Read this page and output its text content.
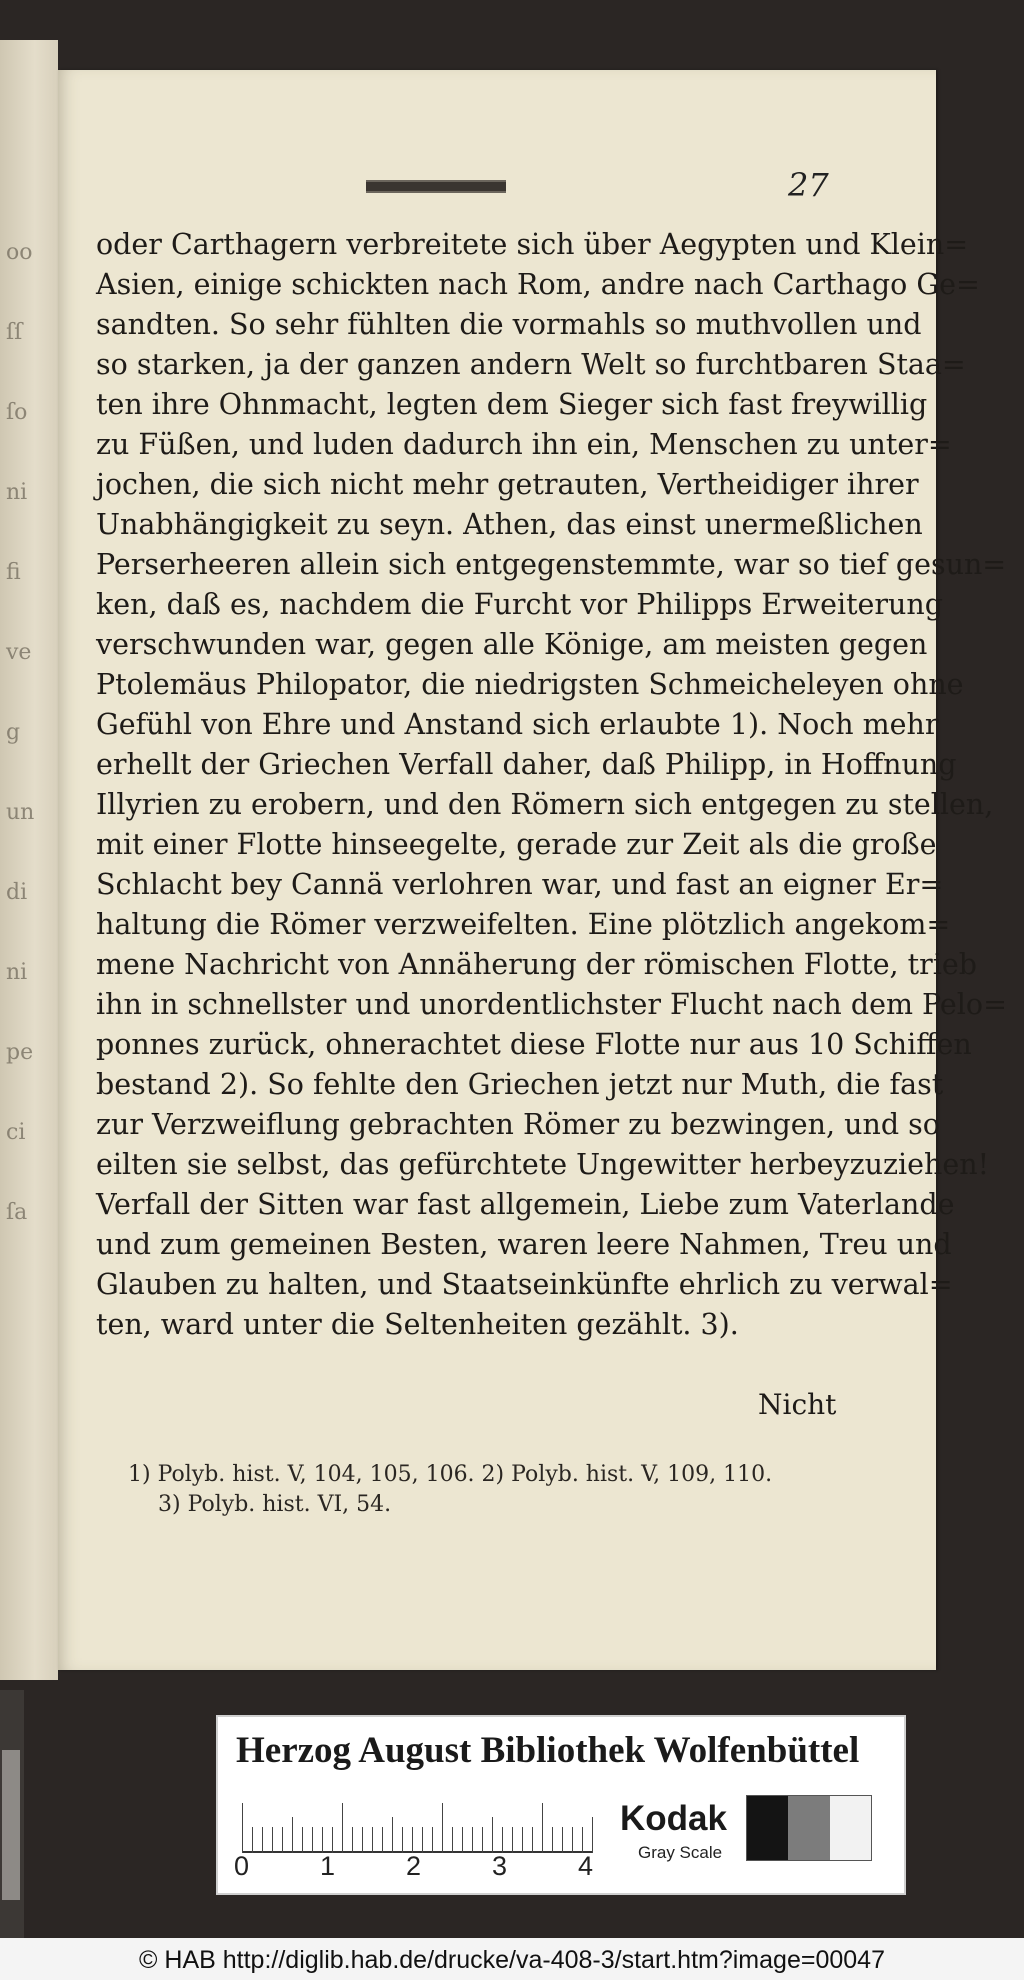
oo
ſſ
ſo
ni
fi
ve
g
un
di
ni
pe
ci
ſa
27
oder Carthagern verbreitete sich über Aegypten und Klein=
Asien, einige schickten nach Rom, andre nach Carthago Ge=
sandten. So sehr fühlten die vormahls so muthvollen und
so starken, ja der ganzen andern Welt so furchtbaren Staa=
ten ihre Ohnmacht, legten dem Sieger sich fast freywillig
zu Füßen, und luden dadurch ihn ein, Menschen zu unter=
jochen, die sich nicht mehr getrauten, Vertheidiger ihrer
Unabhängigkeit zu seyn. Athen, das einst unermeßlichen
Perserheeren allein sich entgegenstemmte, war so tief gesun=
ken, daß es, nachdem die Furcht vor Philipps Erweiterung
verschwunden war, gegen alle Könige, am meisten gegen
Ptolemäus Philopator, die niedrigsten Schmeicheleyen ohne
Gefühl von Ehre und Anstand sich erlaubte 1). Noch mehr
erhellt der Griechen Verfall daher, daß Philipp, in Hoffnung
Illyrien zu erobern, und den Römern sich entgegen zu stellen,
mit einer Flotte hinseegelte, gerade zur Zeit als die große
Schlacht bey Cannä verlohren war, und fast an eigner Er=
haltung die Römer verzweifelten. Eine plötzlich angekom=
mene Nachricht von Annäherung der römischen Flotte, trieb
ihn in schnellster und unordentlichster Flucht nach dem Pelo=
ponnes zurück, ohnerachtet diese Flotte nur aus 10 Schiffen
bestand 2). So fehlte den Griechen jetzt nur Muth, die fast
zur Verzweiflung gebrachten Römer zu bezwingen, und so
eilten sie selbst, das gefürchtete Ungewitter herbeyzuziehen!
Verfall der Sitten war fast allgemein, Liebe zum Vaterlande
und zum gemeinen Besten, waren leere Nahmen, Treu und
Glauben zu halten, und Staatseinkünfte ehrlich zu verwal=
ten, ward unter die Seltenheiten gezählt. 3).
Nicht
1) Polyb. hist. V, 104, 105, 106. 2) Polyb. hist. V, 109, 110.
3) Polyb. hist. VI, 54.
Herzog August Bibliothek Wolfenbüttel
0	1	2	3	4
Kodak
Gray Scale
© HAB http://diglib.hab.de/drucke/va-408-3/start.htm?image=00047
